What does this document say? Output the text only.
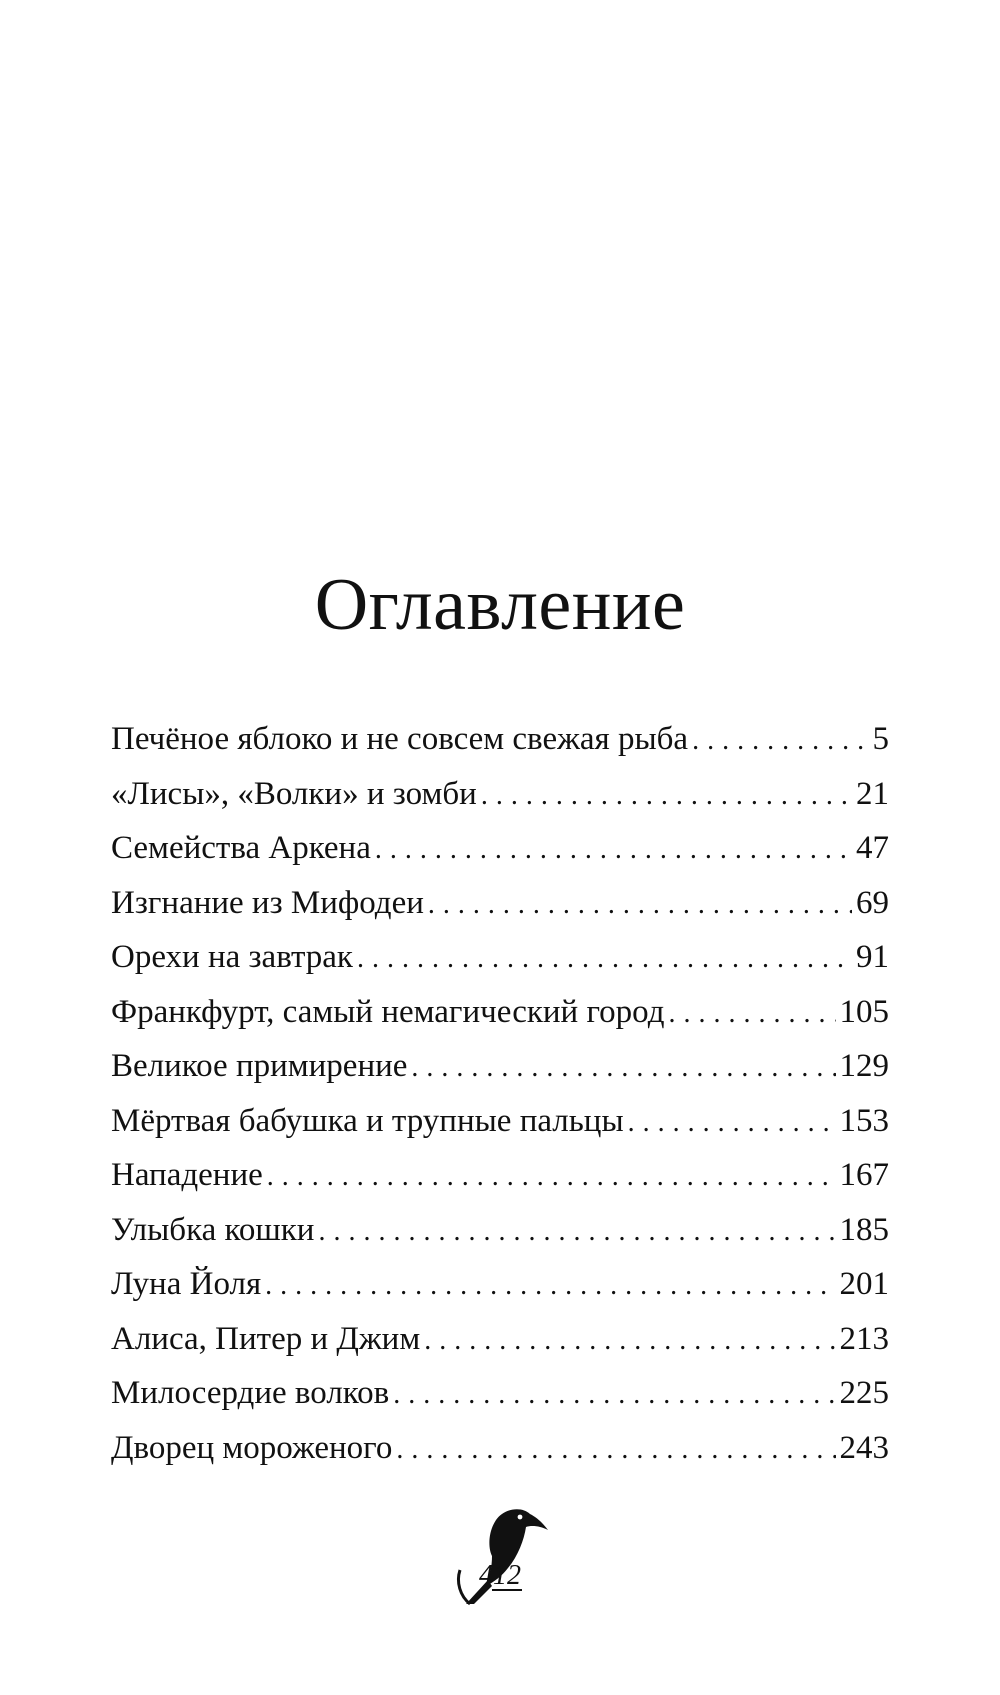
Оглавление
Печёное яблоко и не совсем свежая рыба . . .	5
«Лисы», «Волки» и зомби . . .	21
Семейства Аркена . . .	47
Изгнание из Мифодеи . . .	69
Орехи на завтрак . . .	91
Франкфурт, самый немагический город . . .	105
Великое примирение . . .	129
Мёртвая бабушка и трупные пальцы . . .	153
Нападение . . .	167
Улыбка кошки . . .	185
Луна Йоля . . .	201
Алиса, Питер и Джим . . .	213
Милосердие волков . . .	225
Дворец мороженого . . .	243
412
